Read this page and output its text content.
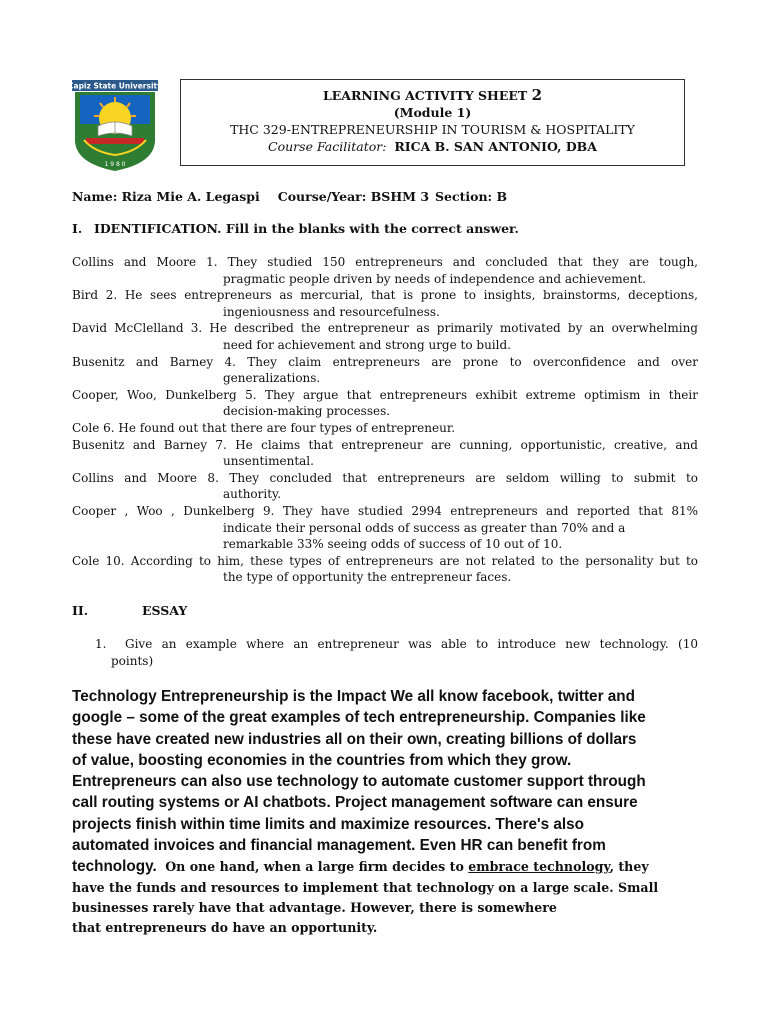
Capiz State University
1 9 8 0
LEARNING ACTIVITY SHEET 2
(Module 1)
THC 329-ENTREPRENEURSHIP IN TOURISM & HOSPITALITY
Course Facilitator: RICA B. SAN ANTONIO, DBA
Name: Riza Mie A. Legaspi Course/Year: BSHM 3 Section: B
I. IDENTIFICATION. Fill in the blanks with the correct answer.
Collins and Moore 1. They studied 150 entrepreneurs and concluded that they are tough,
pragmatic people driven by needs of independence and achievement.
Bird 2. He sees entrepreneurs as mercurial, that is prone to insights, brainstorms, deceptions,
ingeniousness and resourcefulness.
David McClelland 3. He described the entrepreneur as primarily motivated by an overwhelming
need for achievement and strong urge to build.
Busenitz and Barney 4. They claim entrepreneurs are prone to overconfidence and over
generalizations.
Cooper, Woo, Dunkelberg 5. They argue that entrepreneurs exhibit extreme optimism in their
decision-making processes.
Cole 6. He found out that there are four types of entrepreneur.
Busenitz and Barney 7. He claims that entrepreneur are cunning, opportunistic, creative, and
unsentimental.
Collins and Moore 8. They concluded that entrepreneurs are seldom willing to submit to
authority.
Cooper , Woo , Dunkelberg 9. They have studied 2994 entrepreneurs and reported that 81%
indicate their personal odds of success as greater than 70% and a
remarkable 33% seeing odds of success of 10 out of 10.
Cole 10. According to him, these types of entrepreneurs are not related to the personality but to
the type of opportunity the entrepreneur faces.
II.	ESSAY
1.	Give an example where an entrepreneur was able to introduce new technology. (10
points)
Technology Entrepreneurship is the Impact We all know facebook, twitter and
google – some of the great examples of tech entrepreneurship. Companies like
these have created new industries all on their own, creating billions of dollars
of value, boosting economies in the countries from which they grow.
Entrepreneurs can also use technology to automate customer support through
call routing systems or AI chatbots. Project management software can ensure
projects finish within time limits and maximize resources. There's also
automated invoices and financial management. Even HR can benefit from
technology. On one hand, when a large firm decides to embrace technology, they
have the funds and resources to implement that technology on a large scale. Small
businesses rarely have that advantage. However, there is somewhere
that entrepreneurs do have an opportunity.
